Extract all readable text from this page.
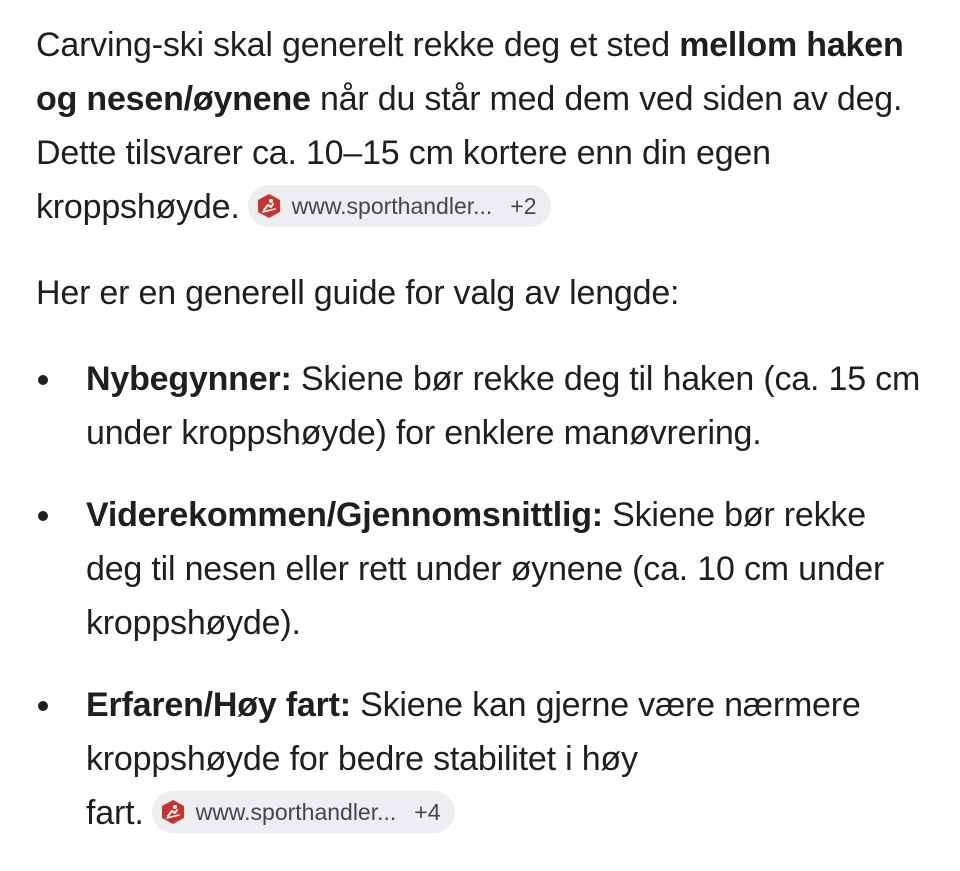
Carving-ski skal generelt rekke deg et sted mellom haken og nesen/øynene når du står med dem ved siden av deg. Dette tilsvarer ca. 10–15 cm kortere enn din egen kroppshøyde. www.sporthandler... +2

Her er en generell guide for valg av lengde:

Nybegynner: Skiene bør rekke deg til haken (ca. 15 cm under kroppshøyde) for enklere manøvrering.
Viderekommen/Gjennomsnittlig: Skiene bør rekke deg til nesen eller rett under øynene (ca. 10 cm under kroppshøyde).
Erfaren/Høy fart: Skiene kan gjerne være nærmere kroppshøyde for bedre stabilitet i høy
fart. www.sporthandler... +4
